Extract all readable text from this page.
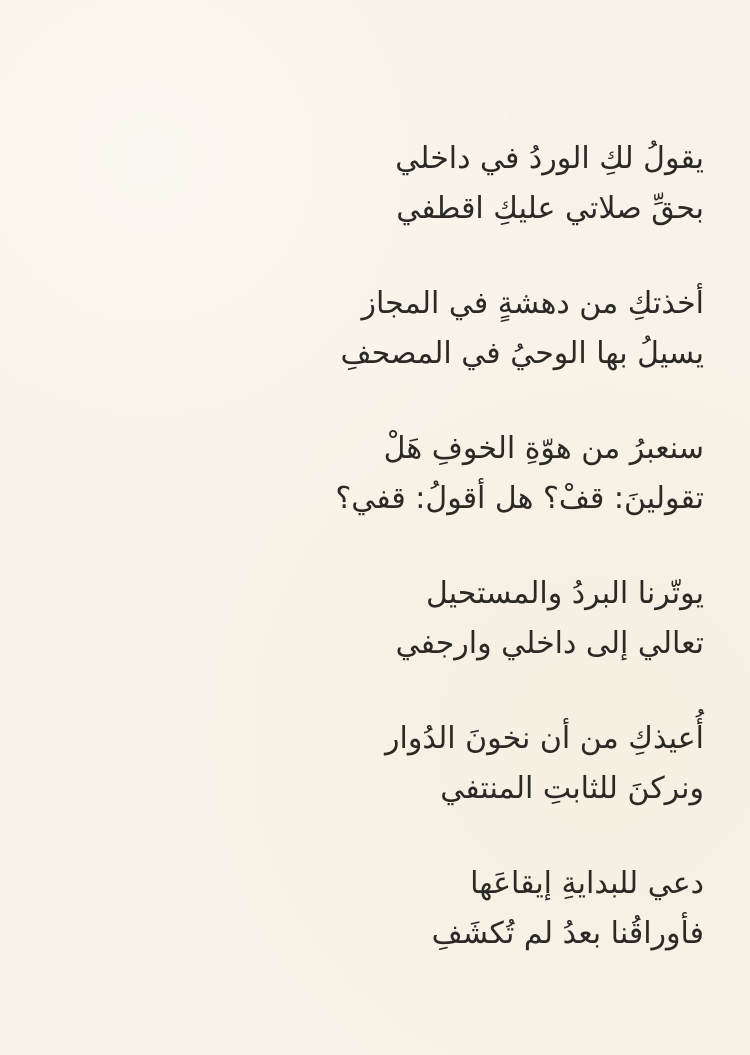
يقولُ لكِ الوردُ في داخلي
بحقِّ صلاتي عليكِ اقطفي
أخذتكِ من دهشةٍ في المجاز
يسيلُ بها الوحيُ في المصحفِ
سنعبرُ من هوّةِ الخوفِ هَلْ
تقولينَ: قفْ؟ هل أقولُ: قفي؟
يوتّرنا البردُ والمستحيل
تعالي إلى داخلي وارجفي
أُعيذكِ من أن نخونَ الدُوار
ونركنَ للثابتِ المنتفي
دعي للبدايةِ إيقاعَها
فأوراقُنا بعدُ لم تُكشَفِ
